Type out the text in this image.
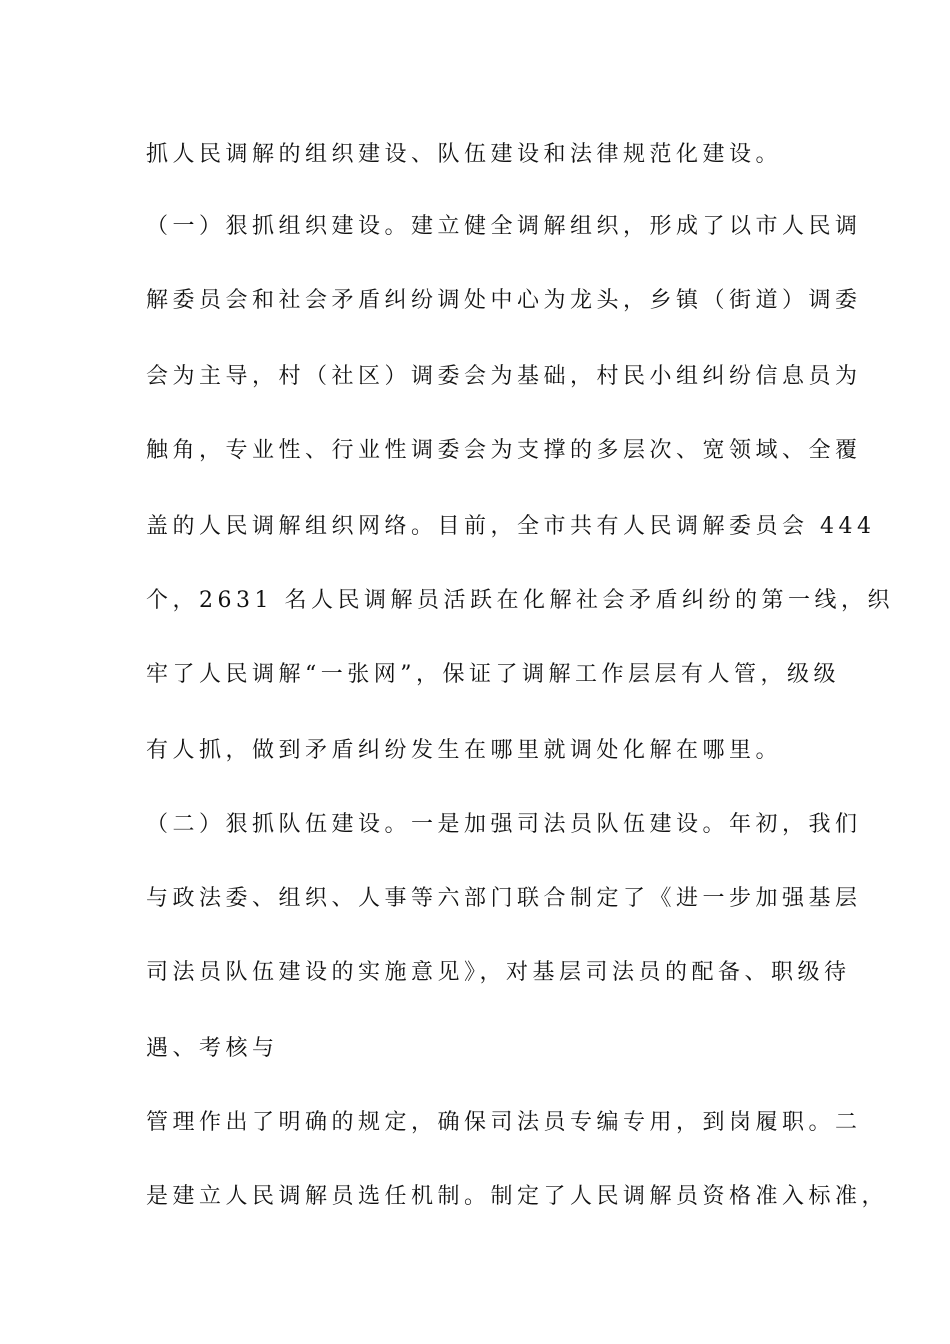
抓人民调解的组织建设、队伍建设和法律规范化建设。
（一）狠抓组织建设。建立健全调解组织，形成了以市人民调
解委员会和社会矛盾纠纷调处中心为龙头，乡镇（街道）调委
会为主导，村（社区）调委会为基础，村民小组纠纷信息员为
触角，专业性、行业性调委会为支撑的多层次、宽领域、全覆
盖的人民调解组织网络。目前，全市共有人民调解委员会 444
个，2631 名人民调解员活跃在化解社会矛盾纠纷的第一线，织
牢了人民调解“一张网”，保证了调解工作层层有人管，级级
有人抓，做到矛盾纠纷发生在哪里就调处化解在哪里。
（二）狠抓队伍建设。一是加强司法员队伍建设。年初，我们
与政法委、组织、人事等六部门联合制定了《进一步加强基层
司法员队伍建设的实施意见》，对基层司法员的配备、职级待
遇、考核与
管理作出了明确的规定，确保司法员专编专用，到岗履职。二
是建立人民调解员选任机制。制定了人民调解员资格准入标准，
